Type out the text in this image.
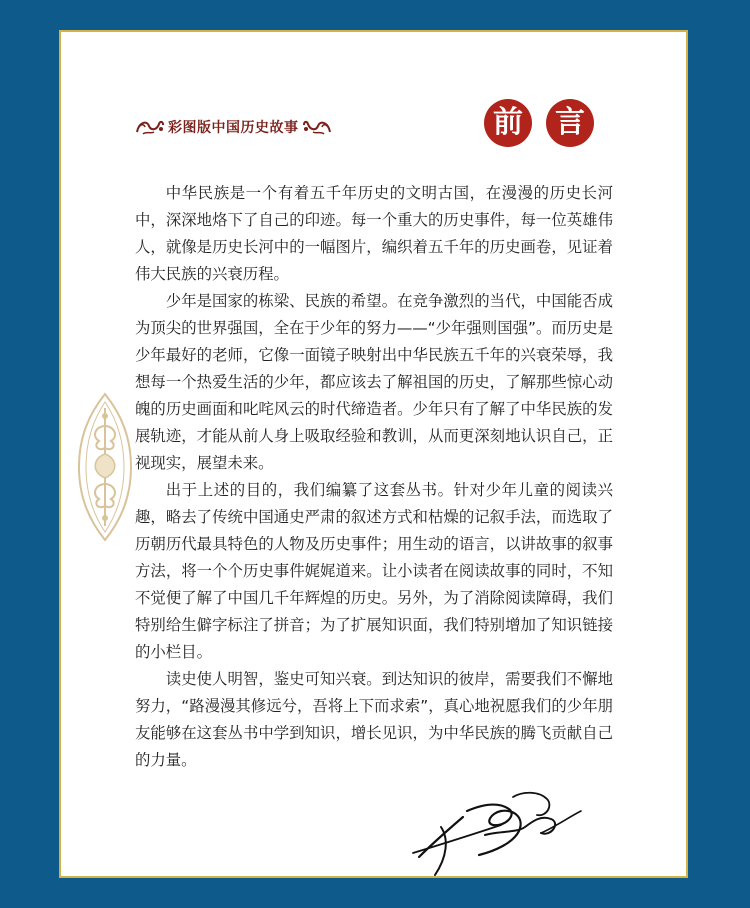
彩图版中国历史故事	前	言

中华民族是一个有着五千年历史的文明古国，在漫漫的历史长河中，深深地烙下了自己的印迹。每一个重大的历史事件，每一位英雄伟人，就像是历史长河中的一幅图片，编织着五千年的历史画卷，见证着伟大民族的兴衰历程。

少年是国家的栋梁、民族的希望。在竞争激烈的当代，中国能否成为顶尖的世界强国，全在于少年的努力——“少年强则国强”。而历史是少年最好的老师，它像一面镜子映射出中华民族五千年的兴衰荣辱，我想每一个热爱生活的少年，都应该去了解祖国的历史，了解那些惊心动魄的历史画面和叱咤风云的时代缔造者。少年只有了解了中华民族的发展轨迹，才能从前人身上吸取经验和教训，从而更深刻地认识自己，正视现实，展望未来。

出于上述的目的，我们编纂了这套丛书。针对少年儿童的阅读兴趣，略去了传统中国通史严肃的叙述方式和枯燥的记叙手法，而选取了历朝历代最具特色的人物及历史事件；用生动的语言，以讲故事的叙事方法，将一个个历史事件娓娓道来。让小读者在阅读故事的同时，不知不觉便了解了中国几千年辉煌的历史。另外，为了消除阅读障碍，我们特别给生僻字标注了拼音；为了扩展知识面，我们特别增加了知识链接的小栏目。

读史使人明智，鉴史可知兴衰。到达知识的彼岸，需要我们不懈地努力，“路漫漫其修远兮，吾将上下而求索”，真心地祝愿我们的少年朋友能够在这套丛书中学到知识，增长见识，为中华民族的腾飞贡献自己的力量。
